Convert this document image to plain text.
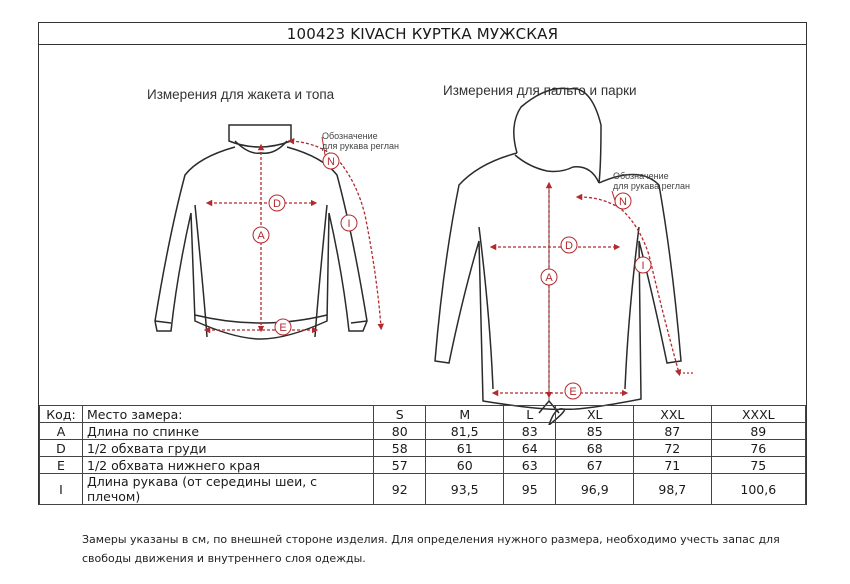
100423 KIVACH КУРТКА МУЖСКАЯ
Измерения для жакета и топа	Измерения для пальто и парки
D
A
E
N
I
Обозначение
для рукава реглан
D
A
E
N
I
Обозначение
для рукава реглан
Код:	Место замера:	S	M	L	XL	XXL	XXXL
A	Длина по спинке	80	81,5	83	85	87	89
D	1/2 обхвата груди	58	61	64	68	72	76
E	1/2 обхвата нижнего края	57	60	63	67	71	75
I	Длина рукава (от середины шеи, с плечом)	92	93,5	95	96,9	98,7	100,6
Замеры указаны в см, по внешней стороне изделия. Для определения нужного размера, необходимо учесть запас для свободы движения и внутреннего слоя одежды.
